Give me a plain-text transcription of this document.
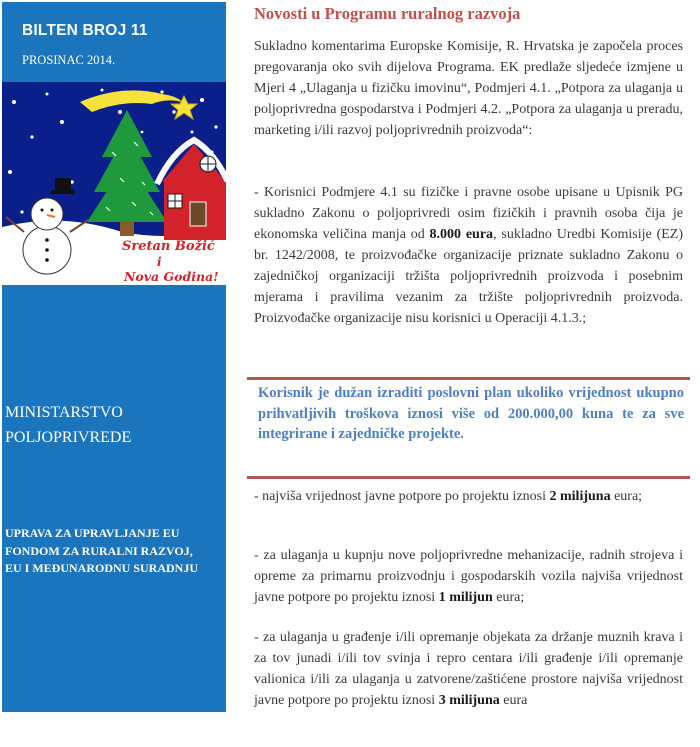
BILTEN BROJ 11
PROSINAC 2014.
Sretan Božić
i
Nova Godina!
MINISTARSTVO
POLJOPRIVREDE
UPRAVA ZA UPRAVLJANJE EU
FONDOM ZA RURALNI RAZVOJ,
EU I MEĐUNARODNU SURADNJU
Novosti u Programu ruralnog razvoja

Sukladno komentarima Europske Komisije, R. Hrvatska je započela proces pregovaranja oko svih dijelova Programa. EK predlaže sljedeće izmjene u Mjeri 4 „Ulaganja u fizičku imovinu“, Podmjeri 4.1. „Potpora za ulaganja u poljoprivredna gospodarstva i Podmjeri 4.2. „Potpora za ulaganja u preradu, marketing i/ili razvoj poljoprivrednih proizvoda“:

- Korisnici Podmjere 4.1 su fizičke i pravne osobe upisane u Upisnik PG sukladno Zakonu o poljoprivredi osim fizičkih i pravnih osoba čija je ekonomska veličina manja od 8.000 eura, sukladno Uredbi Komisije (EZ) br. 1242/2008, te proizvođačke organizacije priznate sukladno Zakonu o zajedničkoj organizaciji tržišta poljoprivrednih proizvoda i posebnim mjerama i pravilima vezanim za tržište poljoprivrednih proizvoda. Proizvođačke organizacije nisu korisnici u Operaciji 4.1.3.;

Korisnik je dužan izraditi poslovni plan ukoliko vrijednost ukupno prihvatljivih troškova iznosi više od 200.000,00 kuna te za sve integrirane i zajedničke projekte.

- najviša vrijednost javne potpore po projektu iznosi 2 milijuna eura;

- za ulaganja u kupnju nove poljoprivredne mehanizacije, radnih strojeva i opreme za primarnu proizvodnju i gospodarskih vozila najviša vrijednost javne potpore po projektu iznosi 1 milijun eura;

- za ulaganja u građenje i/ili opremanje objekata za držanje muznih krava i za tov junadi i/ili tov svinja i repro centara i/ili građenje i/ili opremanje valionica i/ili za ulaganja u zatvorene/zaštićene prostore najviša vrijednost javne potpore po projektu iznosi 3 milijuna eura
